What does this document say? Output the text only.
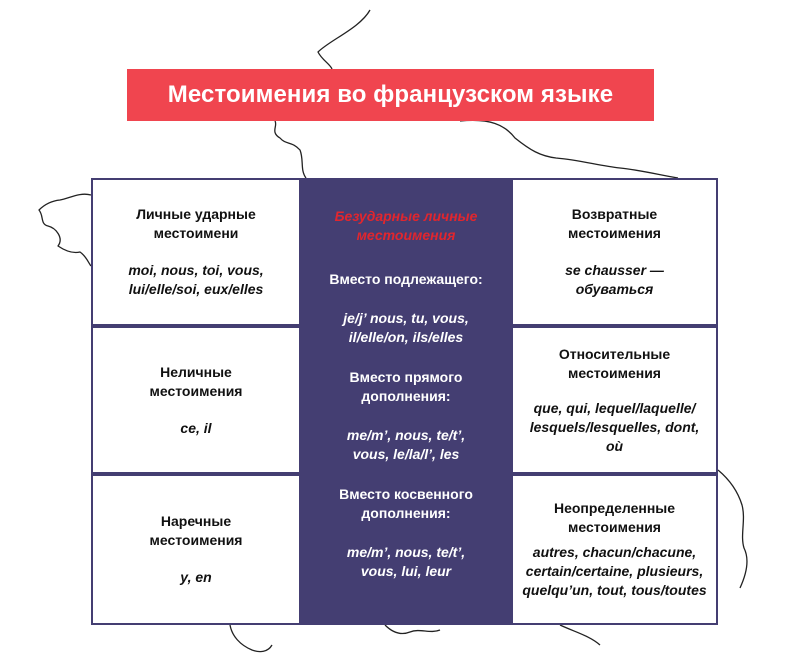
Местоимения во французском языке
Личные ударные местоимени
moi, nous, toi, vous, lui/elle/soi, eux/elles
Неличные местоимения
ce, il
Наречные местоимения
y, en
Безударные личные местоимения
Вместо подлежащего:
je/j’ nous, tu, vous, il/elle/on, ils/elles
Вместо прямого дополнения:
me/m’, nous, te/t’, vous, le/la/l’, les
Вместо косвенного дополнения:
me/m’, nous, te/t’, vous, lui, leur
Возвратные местоимения
se chausser — обуваться
Относительные местоимения
que, qui, lequel/laquelle/ lesquels/lesquelles, dont, où
Неопределенные местоимения
autres, chacun/chacune, certain/certaine, plusieurs, quelqu’un, tout, tous/toutes
